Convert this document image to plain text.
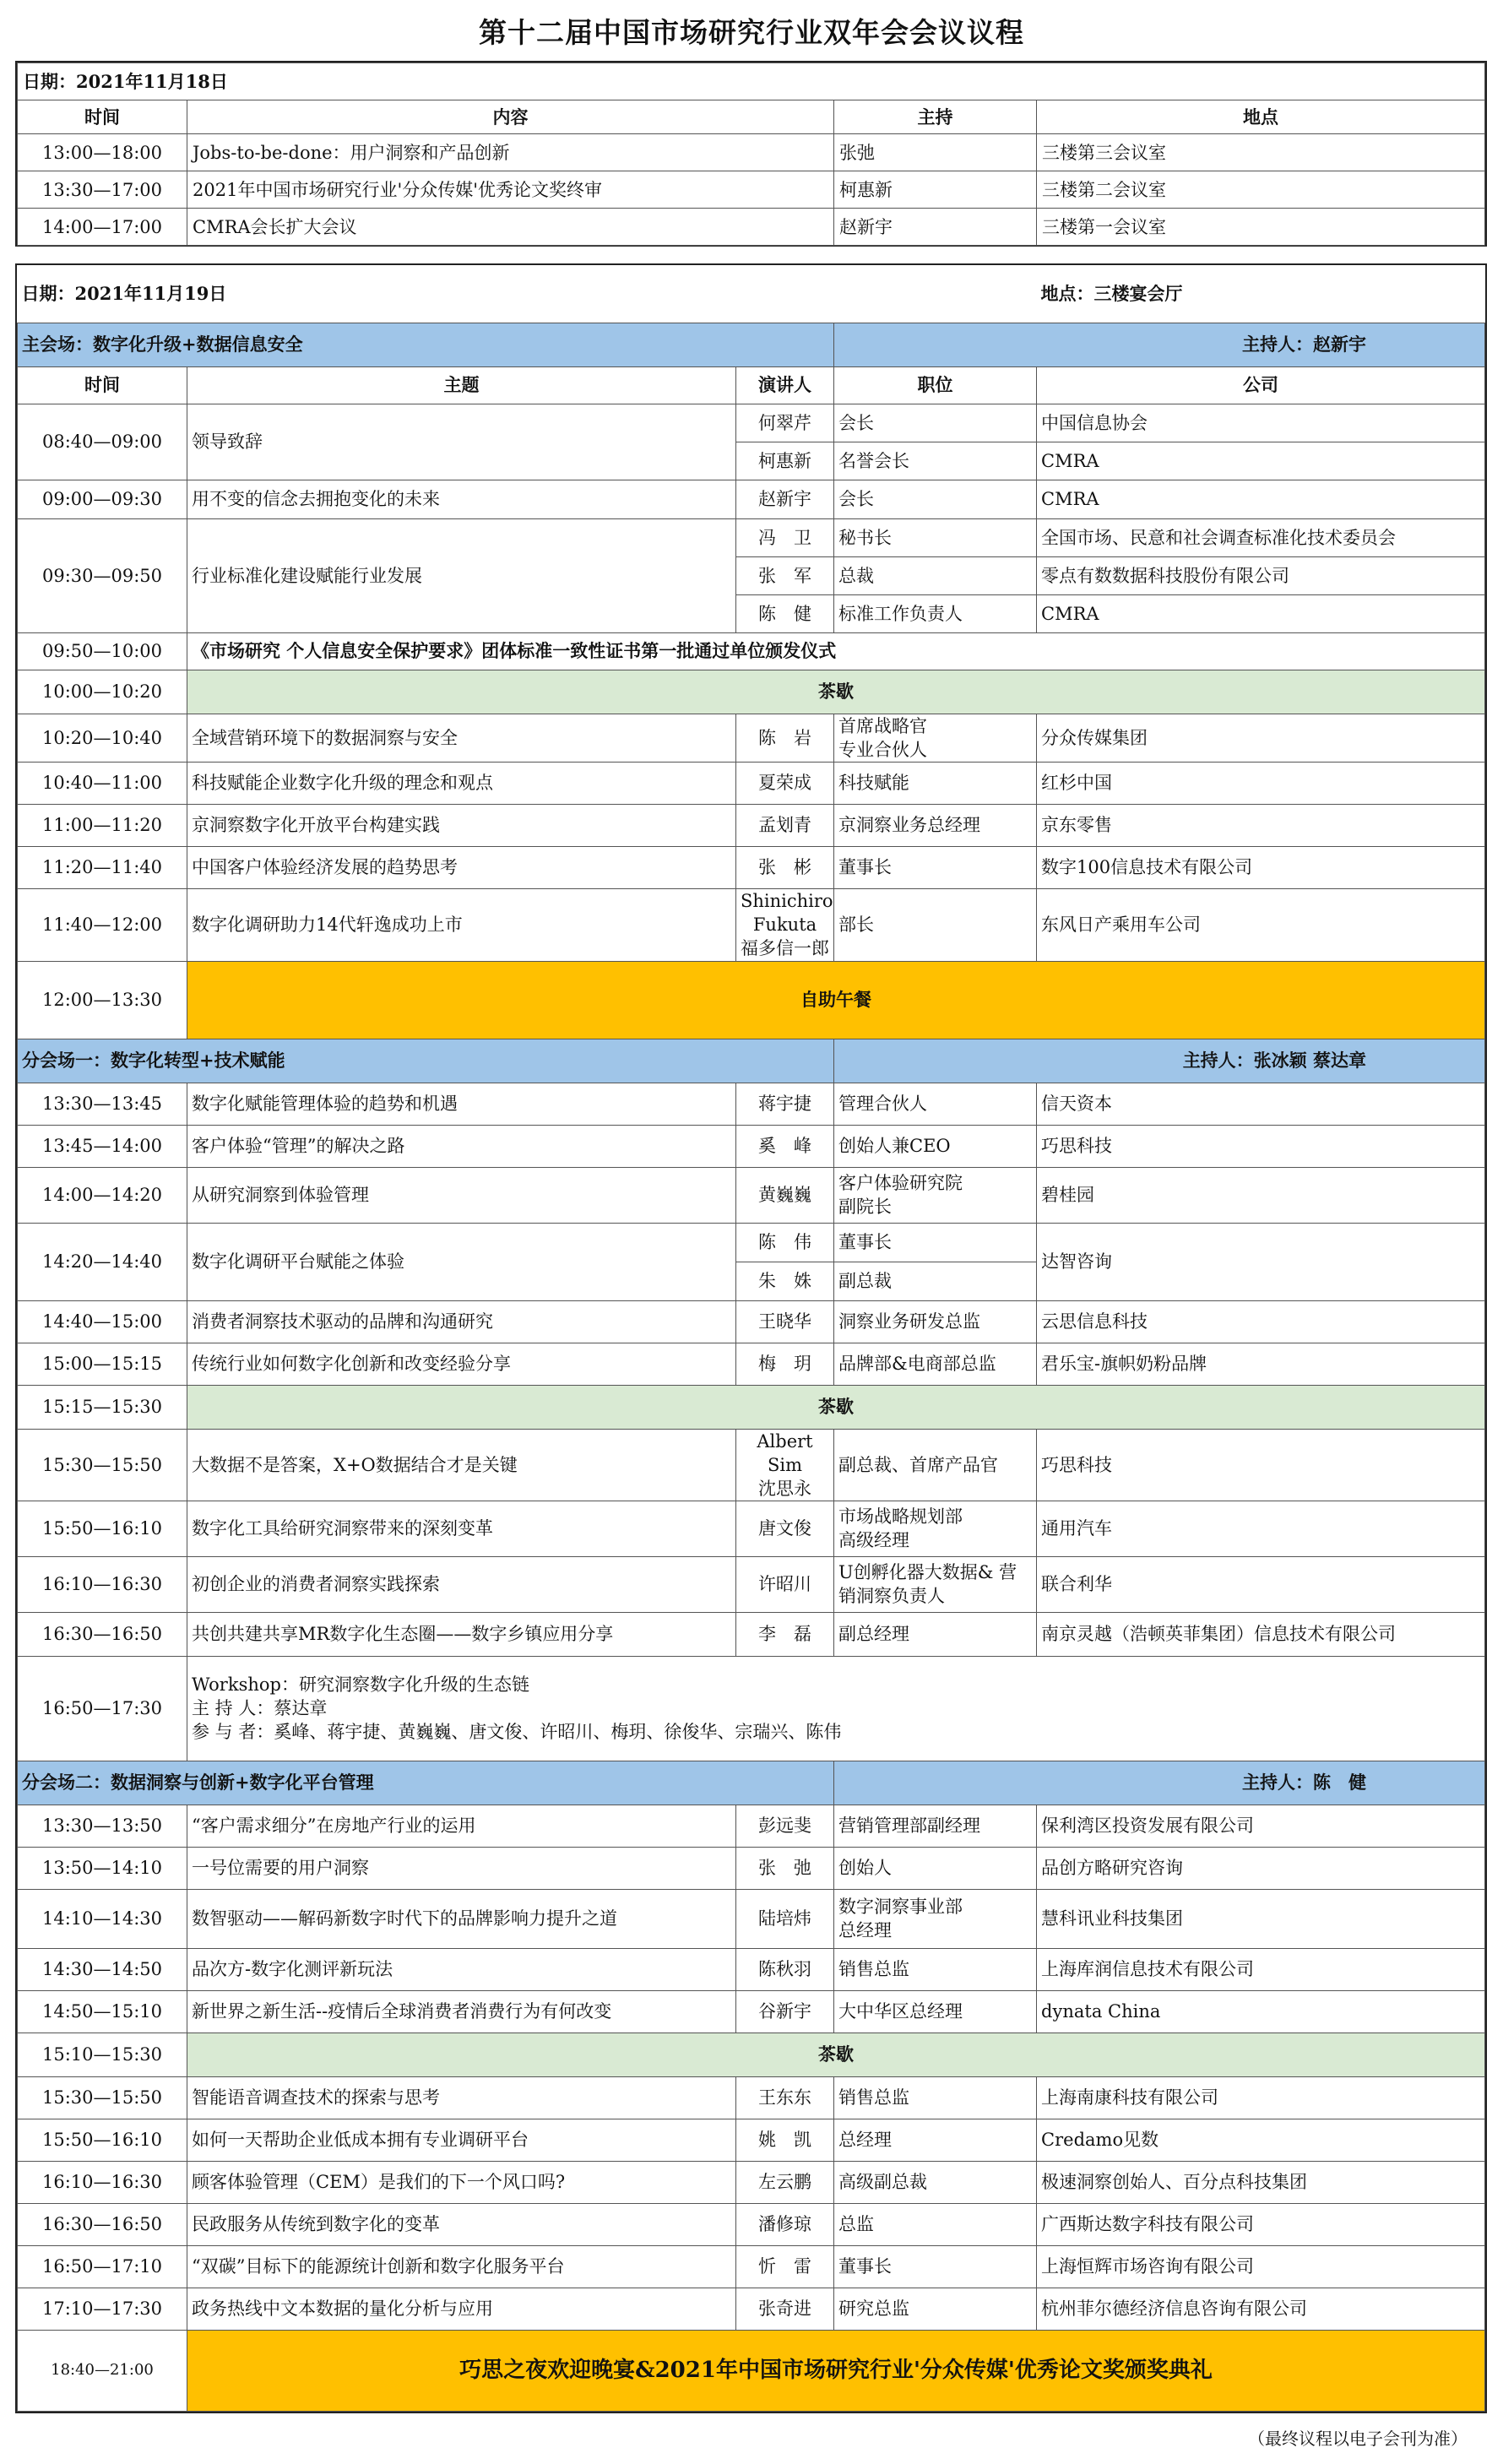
第十二届中国市场研究行业双年会会议议程
日期：2021年11月18日			
时间	内容	主持	地点
13:00—18:00	Jobs-to-be-done：用户洞察和产品创新	张弛	三楼第三会议室
13:30—17:00	2021年中国市场研究行业'分众传媒'优秀论文奖终审	柯惠新	三楼第二会议室
14:00—17:00	CMRA会长扩大会议	赵新宇	三楼第一会议室
日期：2021年11月19日				地点：三楼宴会厅
主会场：数字化升级+数据信息安全			主持人：赵新宇	
时间	主题	演讲人	职位	公司
08:40—09:00	领导致辞	何翠芹	会长	中国信息协会
		柯惠新	名誉会长	CMRA
09:00—09:30	用不变的信念去拥抱变化的未来	赵新宇	会长	CMRA
09:30—09:50	行业标准化建设赋能行业发展	冯　卫	秘书长	全国市场、民意和社会调查标准化技术委员会
		张　军	总裁	零点有数数据科技股份有限公司
		陈　健	标准工作负责人	CMRA
09:50—10:00	《市场研究 个人信息安全保护要求》团体标准一致性证书第一批通过单位颁发仪式			
10:00—10:20	茶歇			
10:20—10:40	全域营销环境下的数据洞察与安全	陈　岩	首席战略官
专业合伙人	分众传媒集团
10:40—11:00	科技赋能企业数字化升级的理念和观点	夏荣成	科技赋能	红杉中国
11:00—11:20	京洞察数字化开放平台构建实践	孟划青	京洞察业务总经理	京东零售
11:20—11:40	中国客户体验经济发展的趋势思考	张　彬	董事长	数字100信息技术有限公司
11:40—12:00	数字化调研助力14代轩逸成功上市	Shinichiro
Fukuta
福多信一郎	部长	东风日产乘用车公司
12:00—13:30	自助午餐			
分会场一：数字化转型+技术赋能			主持人：张冰颖 蔡达章	
13:30—13:45	数字化赋能管理体验的趋势和机遇	蒋宇捷	管理合伙人	信天资本
13:45—14:00	客户体验“管理”的解决之路	奚　峰	创始人兼CEO	巧思科技
14:00—14:20	从研究洞察到体验管理	黄巍巍	客户体验研究院
副院长	碧桂园
14:20—14:40	数字化调研平台赋能之体验	陈　伟	董事长	达智咨询
		朱　姝	副总裁	
14:40—15:00	消费者洞察技术驱动的品牌和沟通研究	王晓华	洞察业务研发总监	云思信息科技
15:00—15:15	传统行业如何数字化创新和改变经验分享	梅　玥	品牌部&电商部总监	君乐宝-旗帜奶粉品牌
15:15—15:30	茶歇			
15:30—15:50	大数据不是答案，X+O数据结合才是关键	Albert Sim
沈思永	副总裁、首席产品官	巧思科技
15:50—16:10	数字化工具给研究洞察带来的深刻变革	唐文俊	市场战略规划部
高级经理	通用汽车
16:10—16:30	初创企业的消费者洞察实践探索	许昭川	U创孵化器大数据& 营
销洞察负责人	联合利华
16:30—16:50	共创共建共享MR数字化生态圈——数字乡镇应用分享	李　磊	副总经理	南京灵越（浩顿英菲集团）信息技术有限公司
16:50—17:30	Workshop：研究洞察数字化升级的生态链
主 持 人：蔡达章
参 与 者：奚峰、蒋宇捷、黄巍巍、唐文俊、许昭川、梅玥、徐俊华、宗瑞兴、陈伟			

分会场二：数据洞察与创新+数字化平台管理			主持人：陈　健	
13:30—13:50	“客户需求细分”在房地产行业的运用	彭远斐	营销管理部副经理	保利湾区投资发展有限公司
13:50—14:10	一号位需要的用户洞察	张　弛	创始人	品创方略研究咨询
14:10—14:30	数智驱动——解码新数字时代下的品牌影响力提升之道	陆培炜	数字洞察事业部
总经理	慧科讯业科技集团
14:30—14:50	品次方-数字化测评新玩法	陈秋羽	销售总监	上海库润信息技术有限公司
14:50—15:10	新世界之新生活--疫情后全球消费者消费行为有何改变	谷新宇	大中华区总经理	dynata China
15:10—15:30	茶歇			
15:30—15:50	智能语音调查技术的探索与思考	王东东	销售总监	上海南康科技有限公司
15:50—16:10	如何一天帮助企业低成本拥有专业调研平台	姚　凯	总经理	Credamo见数
16:10—16:30	顾客体验管理（CEM）是我们的下一个风口吗?	左云鹏	高级副总裁	极速洞察创始人、百分点科技集团
16:30—16:50	民政服务从传统到数字化的变革	潘修琼	总监	广西斯达数字科技有限公司
16:50—17:10	“双碳”目标下的能源统计创新和数字化服务平台	忻　雷	董事长	上海恒辉市场咨询有限公司
17:10—17:30	政务热线中文本数据的量化分析与应用	张奇进	研究总监	杭州菲尔德经济信息咨询有限公司
18:40—21:00	巧思之夜欢迎晚宴&2021年中国市场研究行业'分众传媒'优秀论文奖颁奖典礼			
（最终议程以电子会刊为准）
